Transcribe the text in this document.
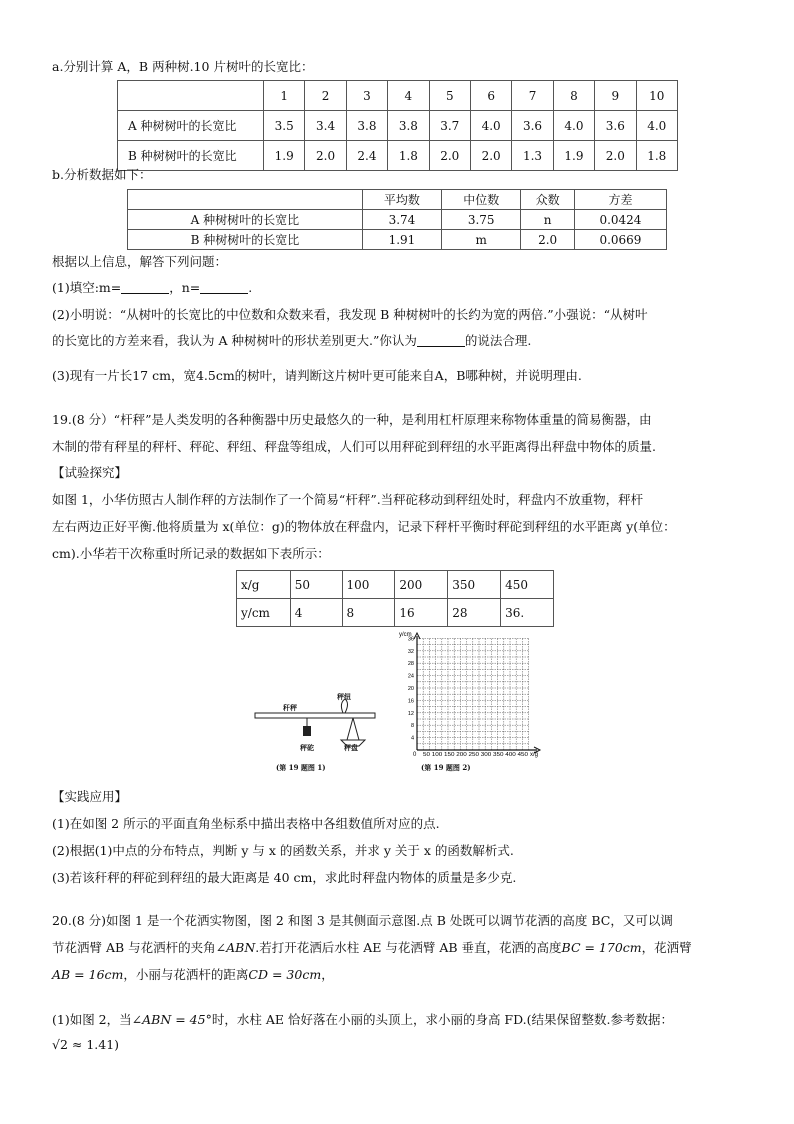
a.分别计算 A，B 两种树.10 片树叶的长宽比：
	1	2	3	4	5	6	7	8	9	10
A 种树树叶的长宽比	3.5	3.4	3.8	3.8	3.7	4.0	3.6	4.0	3.6	4.0
B 种树树叶的长宽比	1.9	2.0	2.4	1.8	2.0	2.0	1.3	1.9	2.0	1.8
b.分析数据如下：
	平均数	中位数	众数	方差
A 种树树叶的长宽比	3.74	3.75	n	0.0424
B 种树树叶的长宽比	1.91	m	2.0	0.0669
根据以上信息，解答下列问题：
(1)填空:m=	，n=	.
(2)小明说：“从树叶的长宽比的中位数和众数来看，我发现 B 种树树叶的长约为宽的两倍.”小强说：“从树叶
的长宽比的方差来看，我认为 A 种树树叶的形状差别更大.”你认为	的说法合理.
(3)现有一片长17 cm，宽4.5cm的树叶，请判断这片树叶更可能来自A，B哪种树，并说明理由.
19.(8 分）“杆秤”是人类发明的各种衡器中历史最悠久的一种，是利用杠杆原理来称物体重量的简易衡器，由
木制的带有秤星的秤杆、秤砣、秤纽、秤盘等组成，人们可以用秤砣到秤纽的水平距离得出秤盘中物体的质量.
【试验探究】
如图 1，小华仿照古人制作秤的方法制作了一个简易“杆秤”.当秤砣移动到秤纽处时，秤盘内不放重物，秤杆
左右两边正好平衡.他将质量为 x(单位：g)的物体放在秤盘内，记录下秤杆平衡时秤砣到秤纽的水平距离 y(单位：
cm).小华若干次称重时所记录的数据如下表所示：
x/g	50	100	200	350	450
y/cm	4	8	16	28	36.
秆秤
秤纽
秤砣	秤盘
(第 19 题图 1)
4
8
12
16
20
24
28
32
36
y/cm
0 50 100 150 200 250 300 350 400 450 x/g
(第 19 题图 2)
【实践应用】
(1)在如图 2 所示的平面直角坐标系中描出表格中各组数值所对应的点.
(2)根据(1)中点的分布特点，判断 y 与 x 的函数关系，并求 y 关于 x 的函数解析式.
(3)若该秆秤的秤砣到秤纽的最大距离是 40 cm，求此时秤盘内物体的质量是多少克.
20.(8 分)如图 1 是一个花洒实物图，图 2 和图 3 是其侧面示意图.点 B 处既可以调节花洒的高度 BC，又可以调
节花洒臂 AB 与花洒杆的夹角∠ABN.若打开花洒后水柱 AE 与花洒臂 AB 垂直，花洒的高度BC = 170cm，花洒臂
AB = 16cm，小丽与花洒杆的距离CD = 30cm，
(1)如图 2，当∠ABN = 45°时，水柱 AE 恰好落在小丽的头顶上，求小丽的身高 FD.(结果保留整数.参考数据：
√2 ≈ 1.41)
